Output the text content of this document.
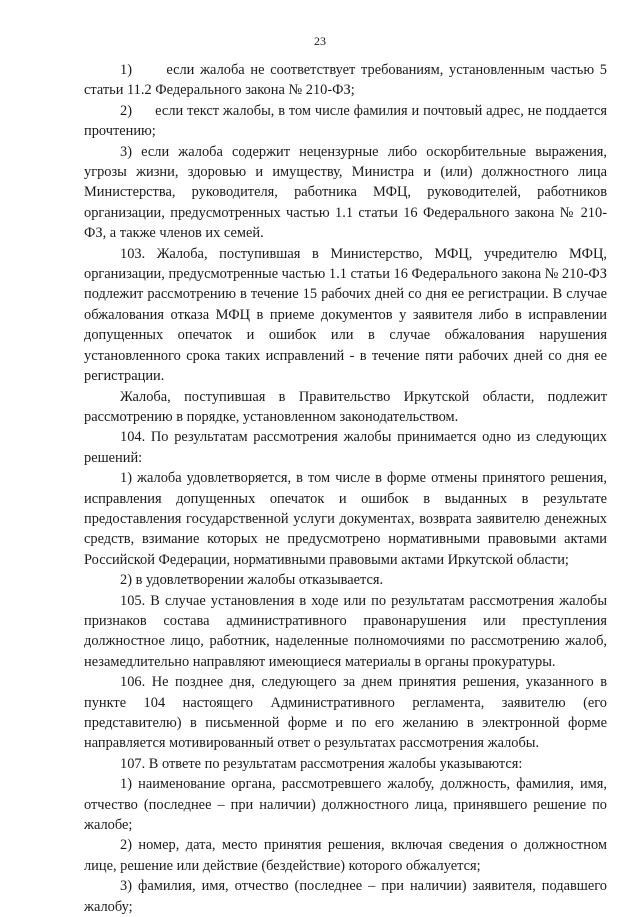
23

1)      если жалоба не соответствует требованиям, установленным частью 5 статьи 11.2 Федерального закона № 210-ФЗ;

2)      если текст жалобы, в том числе фамилия и почтовый адрес, не поддается прочтению;

3) если жалоба содержит нецензурные либо оскорбительные выражения, угрозы жизни, здоровью и имуществу, Министра и (или) должностного лица Министерства, руководителя, работника МФЦ, руководителей, работников организации, предусмотренных частью 1.1 статьи 16 Федерального закона № 210-ФЗ, а также членов их семей.

103. Жалоба, поступившая в Министерство, МФЦ, учредителю МФЦ, организации, предусмотренные частью 1.1 статьи 16 Федерального закона № 210-ФЗ подлежит рассмотрению в течение 15 рабочих дней со дня ее регистрации. В случае обжалования отказа МФЦ в приеме документов у заявителя либо в исправлении допущенных опечаток и ошибок или в случае обжалования нарушения установленного срока таких исправлений - в течение пяти рабочих дней со дня ее регистрации.

Жалоба, поступившая в Правительство Иркутской области, подлежит рассмотрению в порядке, установленном законодательством.

104. По результатам рассмотрения жалобы принимается одно из следующих решений:

1) жалоба удовлетворяется, в том числе в форме отмены принятого решения, исправления допущенных опечаток и ошибок в выданных в результате предоставления государственной услуги документах, возврата заявителю денежных средств, взимание которых не предусмотрено нормативными правовыми актами Российской Федерации, нормативными правовыми актами Иркутской области;

2) в удовлетворении жалобы отказывается.

105. В случае установления в ходе или по результатам рассмотрения жалобы признаков состава административного правонарушения или преступления должностное лицо, работник, наделенные полномочиями по рассмотрению жалоб, незамедлительно направляют имеющиеся материалы в органы прокуратуры.

106. Не позднее дня, следующего за днем принятия решения, указанного в пункте 104 настоящего Административного регламента, заявителю (его представителю) в письменной форме и по его желанию в электронной форме направляется мотивированный ответ о результатах рассмотрения жалобы.

107. В ответе по результатам рассмотрения жалобы указываются:

1) наименование органа, рассмотревшего жалобу, должность, фамилия, имя, отчество (последнее – при наличии) должностного лица, принявшего решение по жалобе;

2) номер, дата, место принятия решения, включая сведения о должностном лице, решение или действие (бездействие) которого обжалуется;

3) фамилия, имя, отчество (последнее – при наличии) заявителя, подавшего жалобу;
